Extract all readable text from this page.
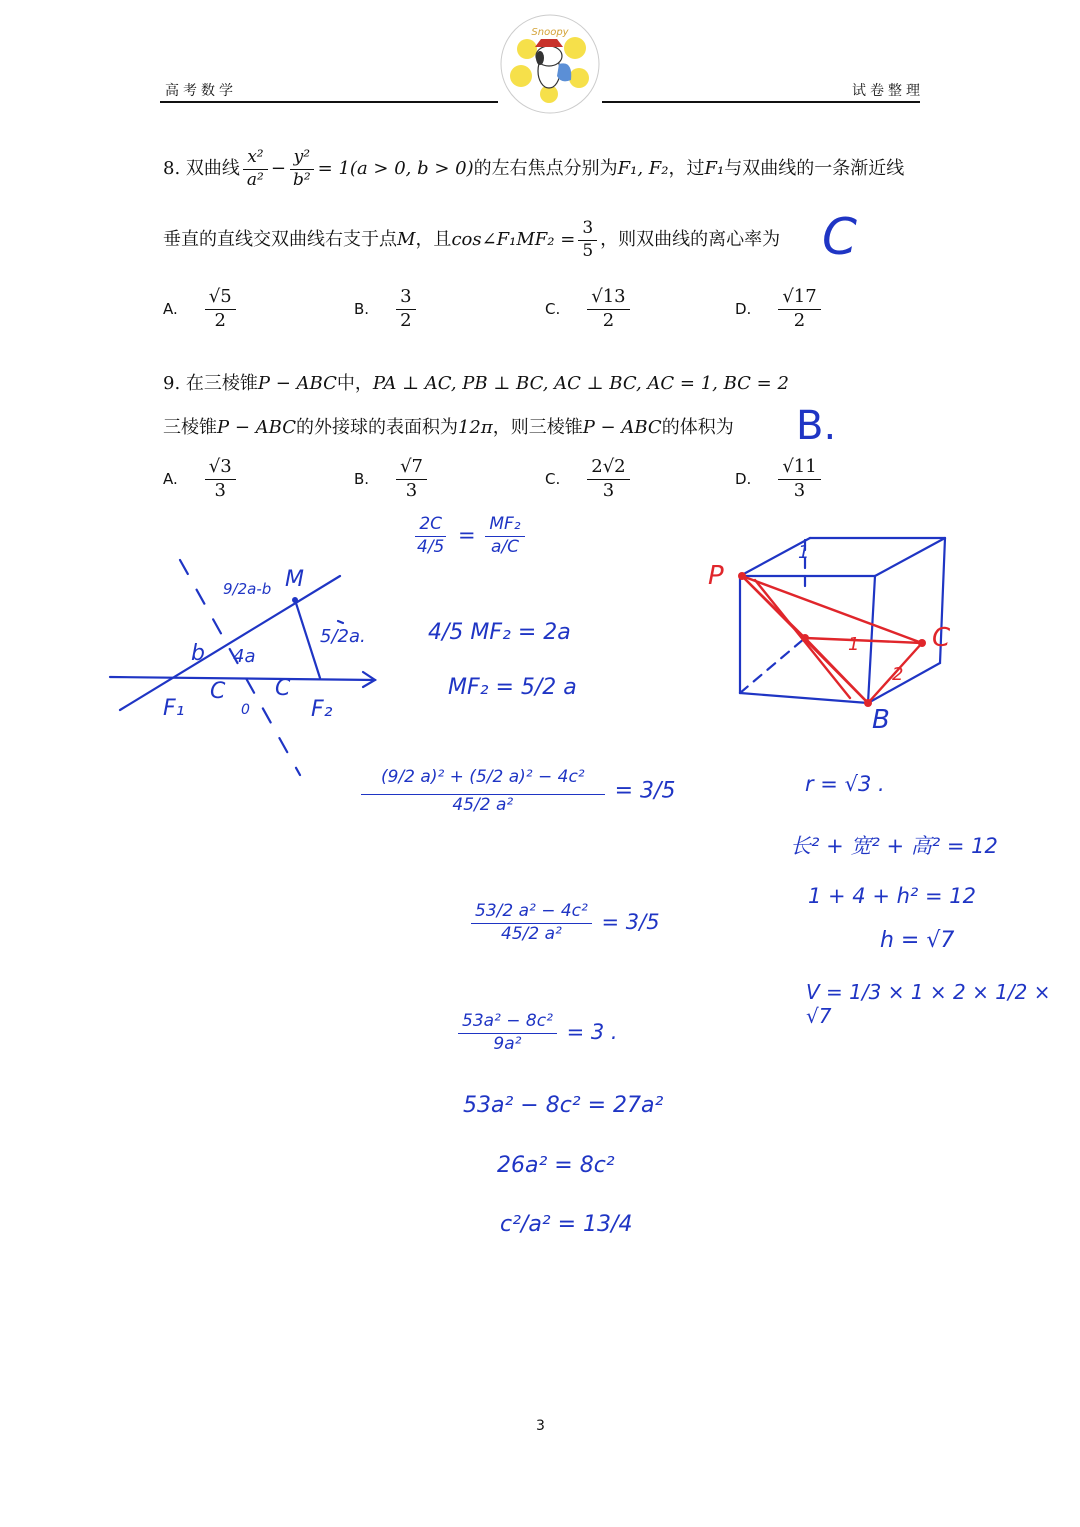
高考数学	试卷整理
Snoopy
8. 双曲线 $\frac{\text{x²}}{\text{a²}} - \frac{\text{y²}}{\text{b²}} = 1(a > 0$, b > 0)的左右焦点分别为F₁, F₂，过F₁与双曲线的一条渐近线
垂直的直线交双曲线右支于点M，且cos∠F₁MF₂ = $\frac{3}{5}$ ，则双曲线的离心率为 C
A. $\frac{√5}{2}$	B. $\frac{3}{2}$	C. $\frac{√13}{2}$	D. $\frac{√17}{2}$
9. 在三棱锥P − ABC中，PA ⊥ AC, PB ⊥ BC, AC ⊥ BC, AC = 1, BC = 2
三棱锥P − ABC的外接球的表面积为12π，则三棱锥P − ABC的体积为 B.
A. $\frac{√3}{3}$	B. $\frac{√7}{3}$	C. $\frac{2√2}{3}$	D. $\frac{√11}{3}$
9/2a-b M
b 4a
5/2a.
F₁
C C
0	F₂
$\frac{2C}{4/5} = \frac{\text{MF₂}}{a/C}$
4/5 MF₂ = 2a
MF₂ = 5/2 a
P
C
B
1
1
2
$\frac{\text{(9/2 a)² + (5/2 a)² − 4c²}}{\text{45/2 a²}} = 3/5$
$\frac{\text{53/2 a² − 4c²}}{\text{45/2 a²}} = 3/5$
$\frac{\text{53a² − 8c²}}{\text{9a²}} = 3$ .
53a² − 8c² = 27a²
26a² = 8c²
c²/a² = 13/4
r = √3 .
长² + 宽² + 高² = 12
1 + 4 + h² = 12
h = √7
V = 1/3 × 1 × 2 × 1/2 × √7
3
